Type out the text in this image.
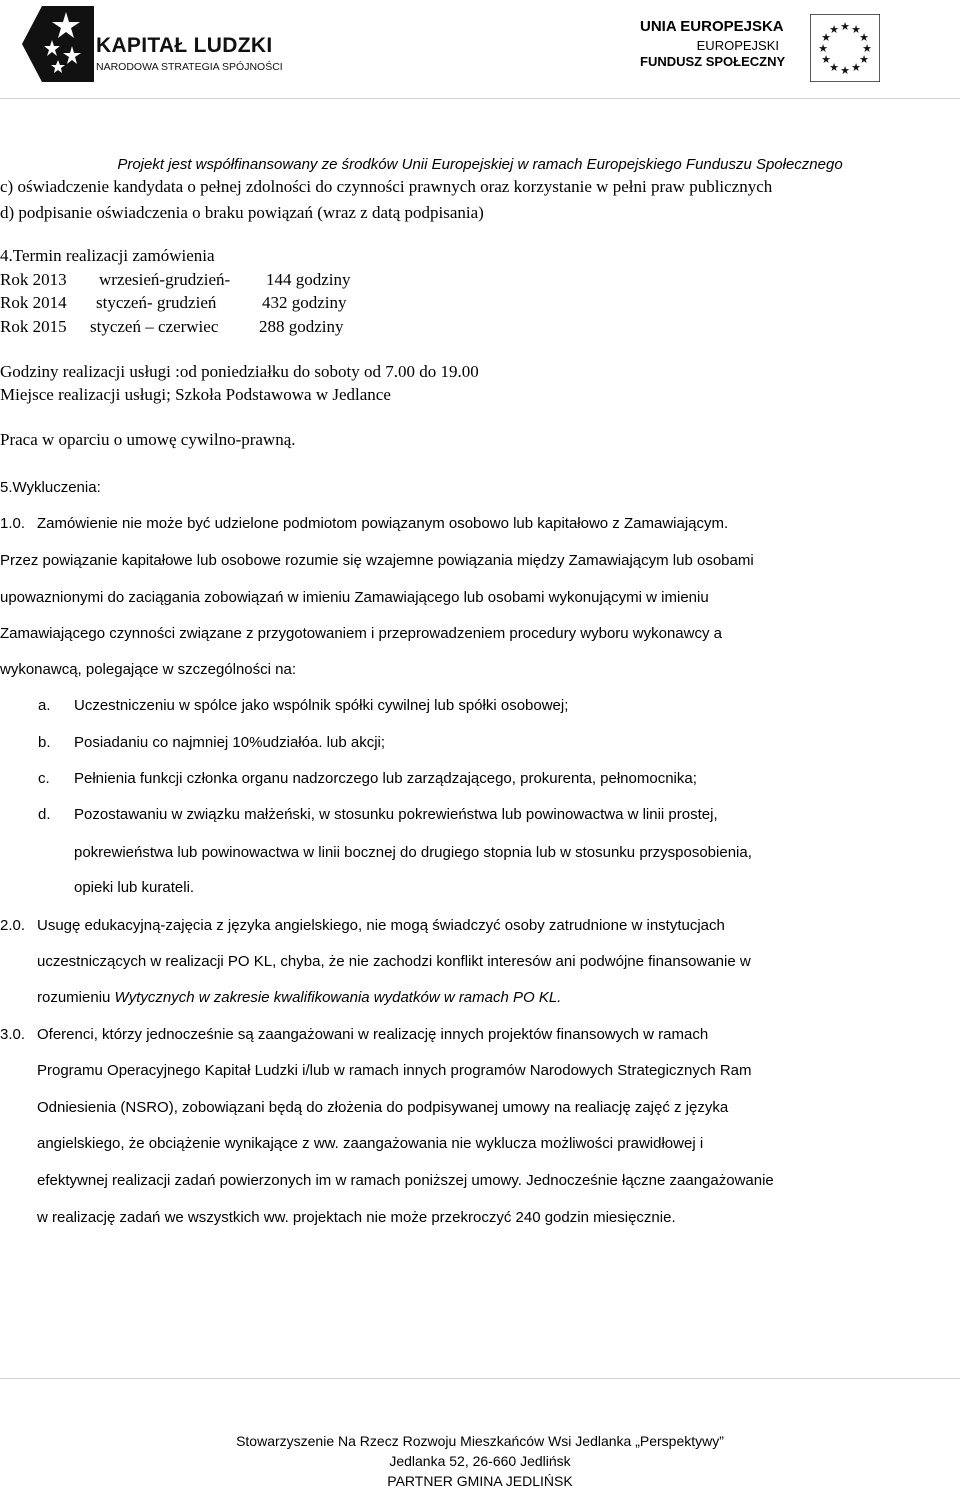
KAPITAŁ LUDZKI
NARODOWA STRATEGIA SPÓJNOŚCI
UNIA EUROPEJSKA
EUROPEJSKI
FUNDUSZ SPOŁECZNY
★ ★
★
★
★
★
★
★
★
★
★
★
Projekt jest współfinansowany ze środków Unii Europejskiej w ramach Europejskiego Funduszu Społecznego
c) oświadczenie kandydata o pełnej zdolności do czynności prawnych oraz korzystanie w pełni praw publicznych
d) podpisanie oświadczenia o braku powiązań (wraz z datą podpisania)
4.Termin realizacji zamówienia
Rok 2013 wrzesień-grudzień- 144 godziny
Rok 2014 styczeń- grudzień	432 godziny
Rok 2015 styczeń – czerwiec 288 godziny
Godziny realizacji usługi :od poniedziałku do soboty od 7.00 do 19.00
Miejsce realizacji usługi; Szkoła Podstawowa w Jedlance
Praca w oparciu o umowę cywilno-prawną.
5.Wykluczenia:
1.0. Zamówienie nie może być udzielone podmiotom powiązanym osobowo lub kapitałowo z Zamawiającym.
Przez powiązanie kapitałowe lub osobowe rozumie się wzajemne powiązania między Zamawiającym lub osobami
upowaznionymi do zaciągania zobowiązań w imieniu Zamawiającego lub osobami wykonującymi w imieniu
Zamawiającego czynności związane z przygotowaniem i przeprowadzeniem procedury wyboru wykonawcy a
wykonawcą, polegające w szczególności na:
a. Uczestniczeniu w spólce jako wspólnik spółki cywilnej lub spółki osobowej;
b. Posiadaniu co najmniej 10%udziałóa. lub akcji;
c. Pełnienia funkcji członka organu nadzorczego lub zarządzającego, prokurenta, pełnomocnika;
d. Pozostawaniu w związku małżeński, w stosunku pokrewieństwa lub powinowactwa w linii prostej,
pokrewieństwa lub powinowactwa w linii bocznej do drugiego stopnia lub w stosunku przysposobienia,
opieki lub kurateli.
2.0. Usugę edukacyjną-zajęcia z języka angielskiego, nie mogą świadczyć osoby zatrudnione w instytucjach
uczestniczących w realizacji PO KL, chyba, że nie zachodzi konflikt interesów ani podwójne finansowanie w
rozumieniu Wytycznych w zakresie kwalifikowania wydatków w ramach PO KL.
3.0. Oferenci, którzy jednocześnie są zaangażowani w realizację innych projektów finansowych w ramach
Programu Operacyjnego Kapitał Ludzki i/lub w ramach innych programów Narodowych Strategicznych Ram
Odniesienia (NSRO), zobowiązani będą do złożenia do podpisywanej umowy na realiację zajęć z języka
angielskiego, że obciążenie wynikające z ww. zaangażowania nie wyklucza możliwości prawidłowej i
efektywnej realizacji zadań powierzonych im w ramach poniższej umowy. Jednocześnie łączne zaangażowanie
w realizację zadań we wszystkich ww. projektach nie może przekroczyć 240 godzin miesięcznie.
Stowarzyszenie Na Rzecz Rozwoju Mieszkańców Wsi Jedlanka „Perspektywy”
Jedlanka 52, 26-660 Jedlińsk
PARTNER GMINA JEDLIŃSK
